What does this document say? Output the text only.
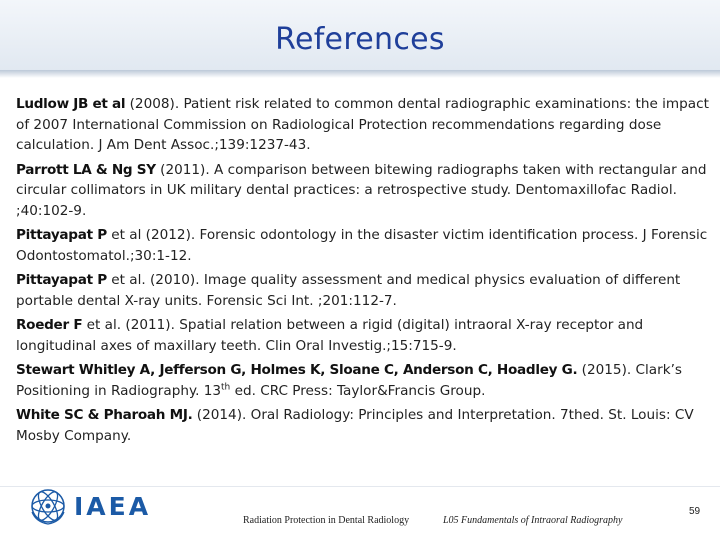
References

Ludlow JB et al (2008). Patient risk related to common dental radiographic examinations: the impact of 2007 International Commission on Radiological Protection recommendations regarding dose calculation. J Am Dent Assoc.;139:1237-43.

Parrott LA & Ng SY (2011). A comparison between bitewing radiographs taken with rectangular and circular collimators in UK military dental practices: a retrospective study. Dentomaxillofac Radiol. ;40:102-9.

Pittayapat P et al (2012). Forensic odontology in the disaster victim identification process. J Forensic Odontostomatol.;30:1-12.

Pittayapat P et al. (2010). Image quality assessment and medical physics evaluation of different portable dental X-ray units. Forensic Sci Int. ;201:112-7.

Roeder F et al. (2011). Spatial relation between a rigid (digital) intraoral X-ray receptor and longitudinal axes of maxillary teeth. Clin Oral Investig.;15:715-9.

Stewart Whitley A, Jefferson G, Holmes K, Sloane C, Anderson C, Hoadley G. (2015). Clark’s Positioning in Radiography. 13th ed. CRC Press: Taylor&Francis Group.

White SC & Pharoah MJ. (2014). Oral Radiology: Principles and Interpretation. 7thed. St. Louis: CV Mosby Company.

IAEA	Radiation Protection in Dental Radiology	L05 Fundamentals of Intraoral Radiography
59
